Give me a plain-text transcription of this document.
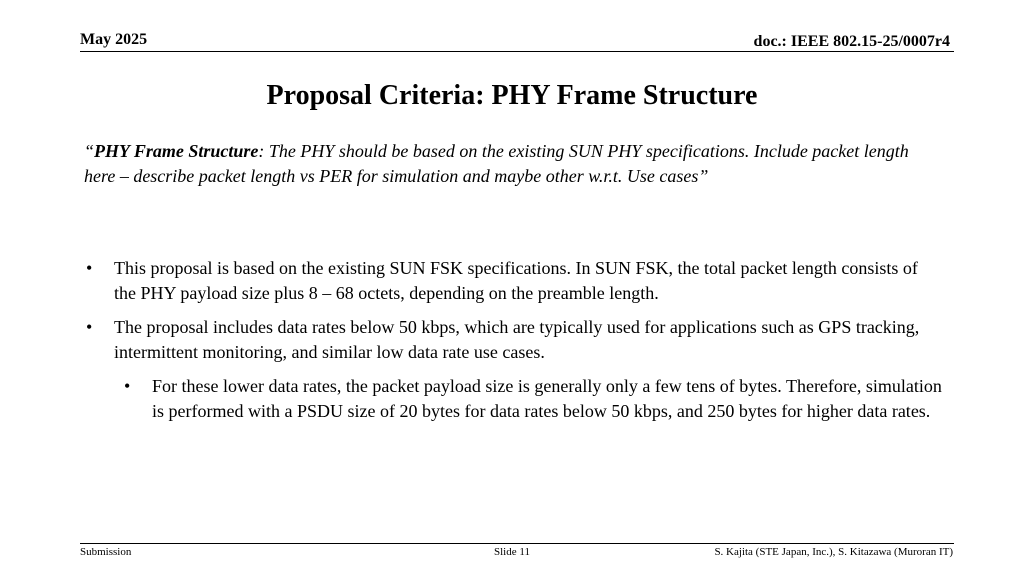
May 2025	doc.: IEEE 802.15-25/0007r4
Proposal Criteria: PHY Frame Structure
“PHY Frame Structure: The PHY should be based on the existing SUN PHY specifications. Include packet length here – describe packet length vs PER for simulation and maybe other w.r.t. Use cases”
• This proposal is based on the existing SUN FSK specifications. In SUN FSK, the total packet length consists of the PHY payload size plus 8 – 68 octets, depending on the preamble length.
• The proposal includes data rates below 50 kbps, which are typically used for applications such as GPS tracking, intermittent monitoring, and similar low data rate use cases.
• For these lower data rates, the packet payload size is generally only a few tens of bytes. Therefore, simulation is performed with a PSDU size of 20 bytes for data rates below 50 kbps, and 250 bytes for higher data rates.
Submission	Slide 11	S. Kajita (STE Japan, Inc.), S. Kitazawa (Muroran IT)
